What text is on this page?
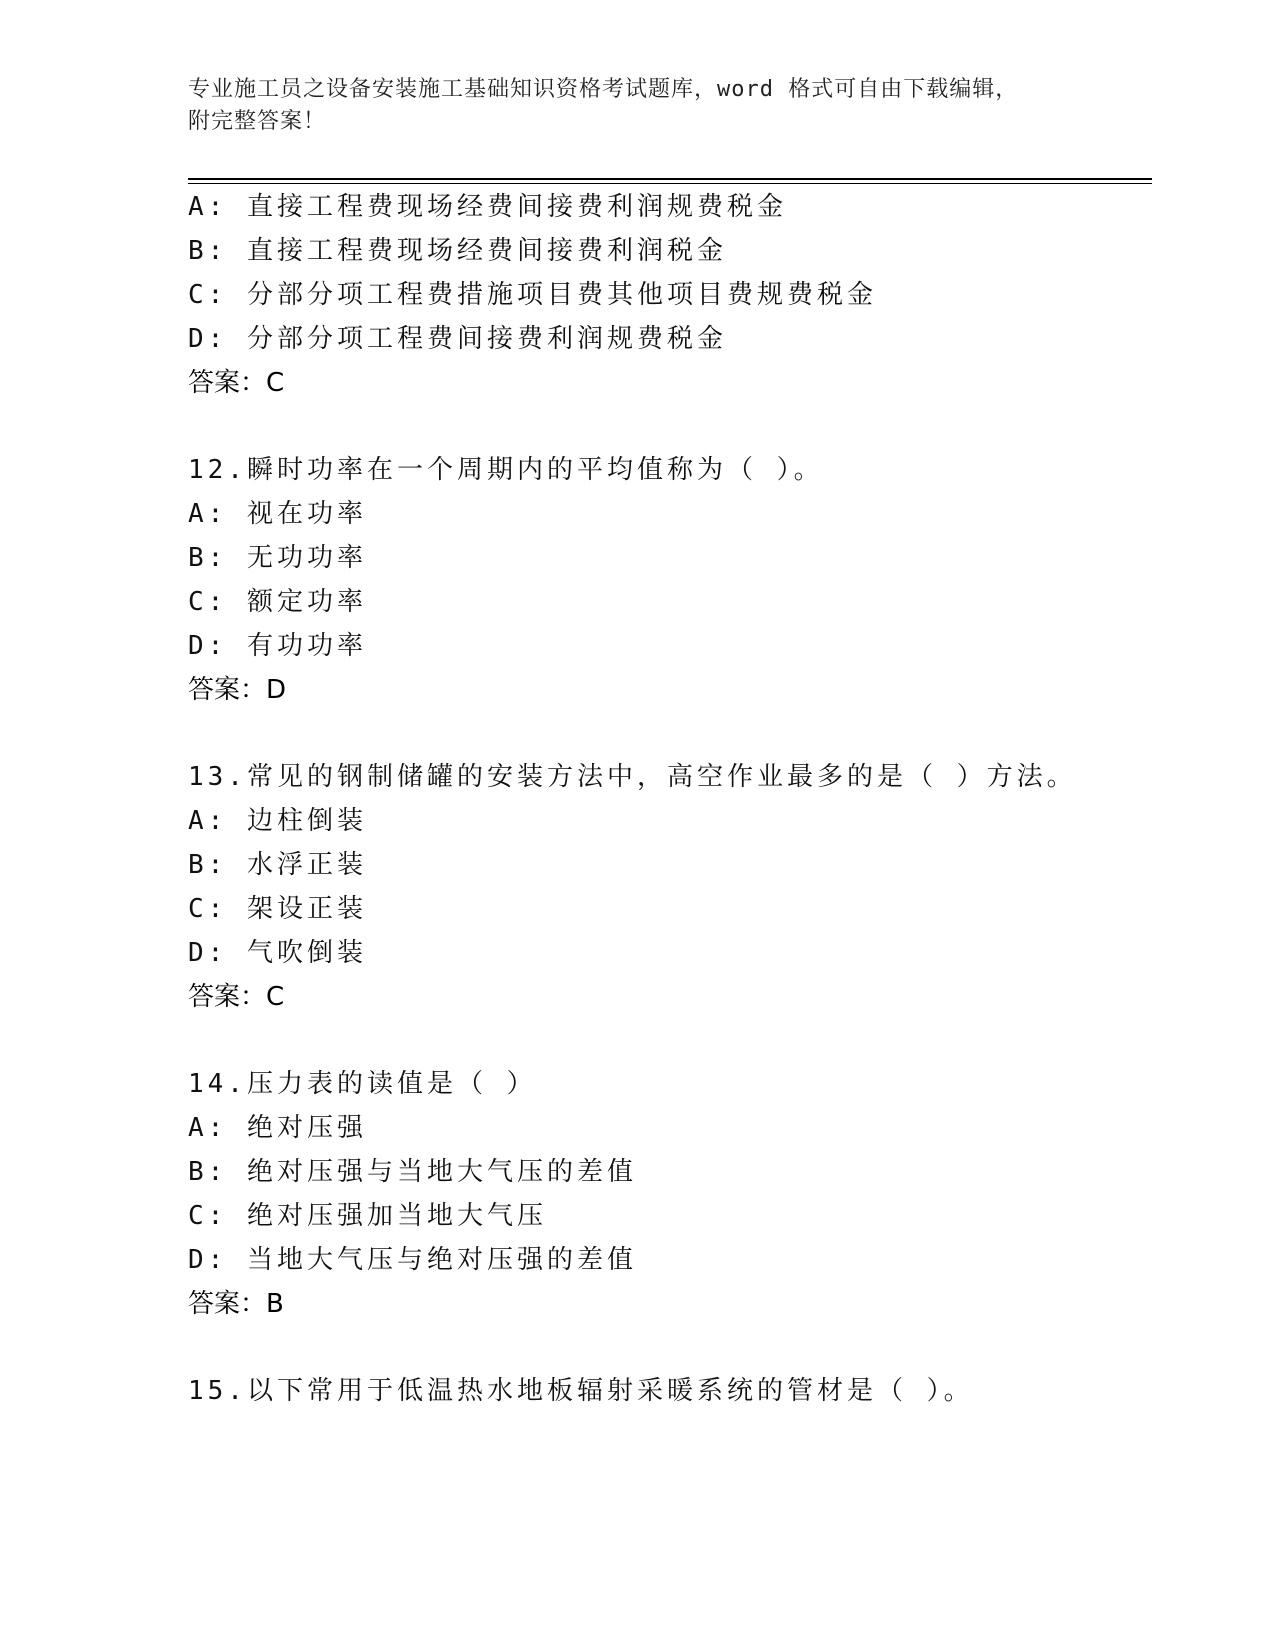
专业施工员之设备安装施工基础知识资格考试题库，word 格式可自由下载编辑，
附完整答案！
A: 直接工程费现场经费间接费利润规费税金
B: 直接工程费现场经费间接费利润税金
C: 分部分项工程费措施项目费其他项目费规费税金
D: 分部分项工程费间接费利润规费税金
答案：C
12.瞬时功率在一个周期内的平均值称为（ ）。
A: 视在功率
B: 无功功率
C: 额定功率
D: 有功功率
答案：D
13.常见的钢制储罐的安装方法中，高空作业最多的是（ ）方法。
A: 边柱倒装
B: 水浮正装
C: 架设正装
D: 气吹倒装
答案：C
14.压力表的读值是（ ）
A: 绝对压强
B: 绝对压强与当地大气压的差值
C: 绝对压强加当地大气压
D: 当地大气压与绝对压强的差值
答案：B
15.以下常用于低温热水地板辐射采暖系统的管材是（ ）。
